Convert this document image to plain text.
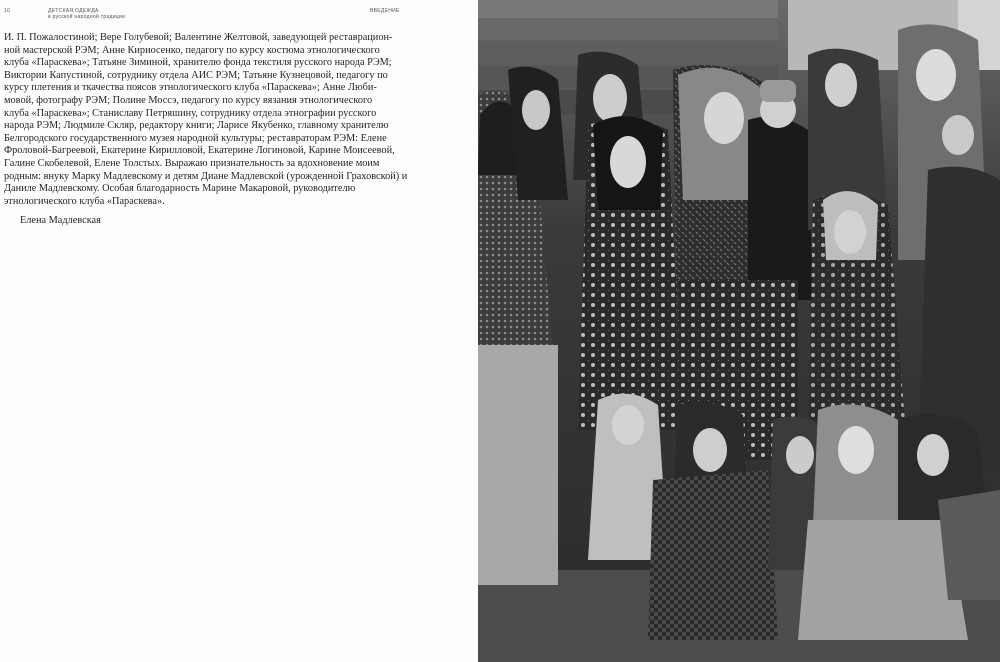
10	ДЕТСКАЯ ОДЕЖДА
в русской народной традиции
ВВЕДЕНИЕ

И. П. Пожалостиной; Вере Голубевой; Валентине Желтовой, заведующей реставрацион-
ной мастерской РЭМ; Анне Кириосенко, педагогу по курсу костюма этнологического
клуба «Параскева»; Татьяне Зиминой, хранителю фонда текстиля русского народа РЭМ;
Виктории Капустиной, сотруднику отдела АИС РЭМ; Татьяне Кузнецовой, педагогу по
курсу плетения и ткачества поясов этнологического клуба «Параскева»; Анне Люби-
мовой, фотографу РЭМ; Полине Моссэ, педагогу по курсу вязания этнологического
клуба «Параскева»; Станиславу Петряшину, сотруднику отдела этнографии русского
народа РЭМ; Людмиле Скляр, редактору книги; Ларисе Якубенко, главному хранителю
Белгородского государственного музея народной культуры; реставраторам РЭМ: Елене
Фроловой-Багреевой, Екатерине Кирилловой, Екатерине Логиновой, Карине Моисеевой,
Галине Скобелевой, Елене Толстых. Выражаю признательность за вдохновение моим
родным: внуку Марку Мадлевскому и детям Диане Мадлевской (урожденной Граховской) и Даниле Мадлевскому. Особая благодарность Марине Макаровой, руководителю
этнологического клуба «Параскева».

Елена Мадлевская
